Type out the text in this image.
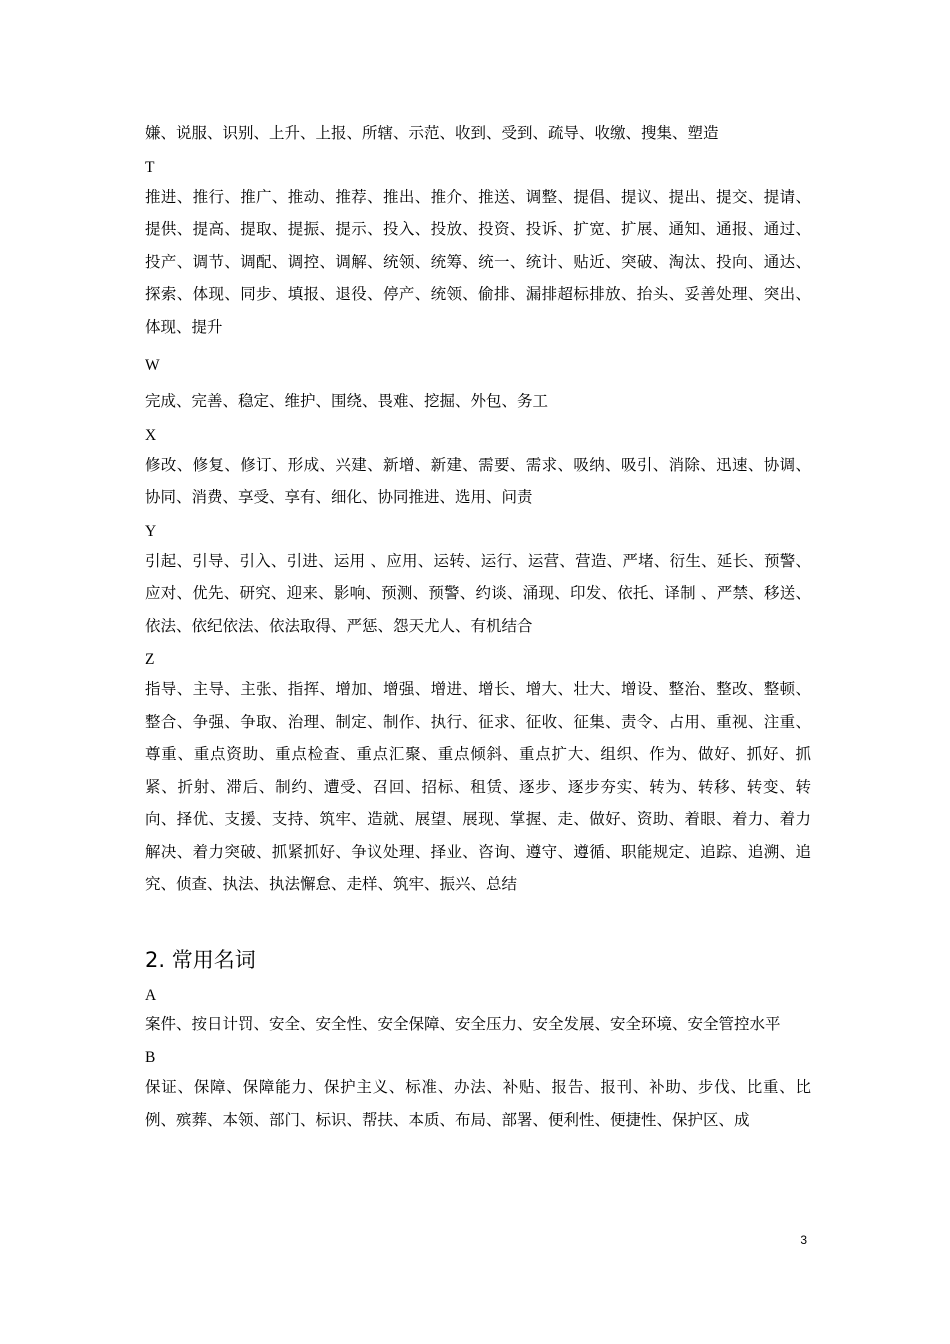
嫌、说服、识别、上升、上报、所辖、示范、收到、受到、疏导、收缴、搜集、塑造

T

推进、推行、推广、推动、推荐、推出、推介、推送、调整、提倡、提议、提出、提交、提请、提供、提高、提取、提振、提示、投入、投放、投资、投诉、扩宽、扩展、通知、通报、通过、投产、调节、调配、调控、调解、统领、统筹、统一、统计、贴近、突破、淘汰、投向、通达、探索、体现、同步、填报、退役、停产、统领、偷排、漏排超标排放、抬头、妥善处理、突出、体现、提升

W

完成、完善、稳定、维护、围绕、畏难、挖掘、外包、务工

X

修改、修复、修订、形成、兴建、新增、新建、需要、需求、吸纳、吸引、消除、迅速、协调、协同、消费、享受、享有、细化、协同推进、选用、问责

Y

引起、引导、引入、引进、运用 、应用、运转、运行、运营、营造、严堵、衍生、延长、预警、应对、优先、研究、迎来、影响、预测、预警、约谈、涌现、印发、依托、译制 、严禁、移送、依法、依纪依法、依法取得、严惩、怨天尤人、有机结合

Z

指导、主导、主张、指挥、增加、增强、增进、增长、增大、壮大、增设、整治、整改、整顿、整合、争强、争取、治理、制定、制作、执行、征求、征收、征集、责令、占用、重视、注重、尊重、重点资助、重点检查、重点汇聚、重点倾斜、重点扩大、组织、作为、做好、抓好、抓紧、折射、滞后、制约、遭受、召回、招标、租赁、逐步、逐步夯实、转为、转移、转变、转向、择优、支援、支持、筑牢、造就、展望、展现、掌握、走、做好、资助、着眼、着力、着力解决、着力突破、抓紧抓好、争议处理、择业、咨询、遵守、遵循、职能规定、追踪、追溯、追究、侦查、执法、执法懈怠、走样、筑牢、振兴、总结

2. 常用名词
A

案件、按日计罚、安全、安全性、安全保障、安全压力、安全发展、安全环境、安全管控水平

B

保证、保障、保障能力、保护主义、标准、办法、补贴、报告、报刊、补助、步伐、比重、比例、殡葬、本领、部门、标识、帮扶、本质、布局、部署、便利性、便捷性、保护区、成

3
